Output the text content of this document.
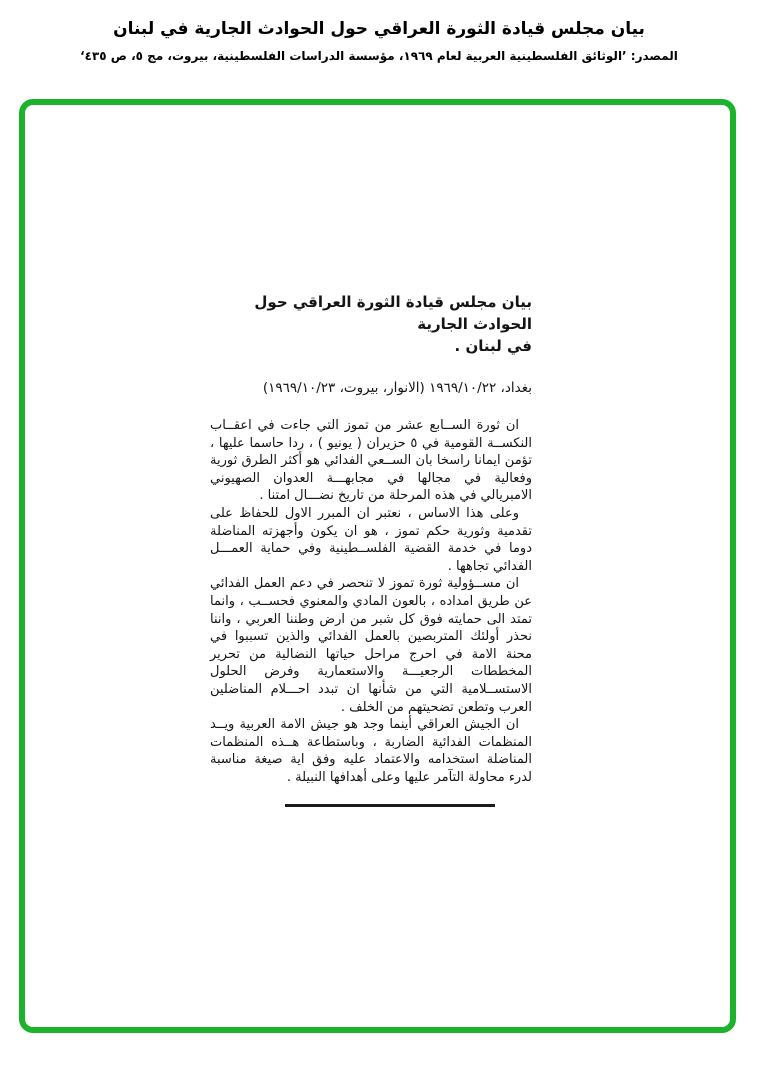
بيان مجلس قيادة الثورة العراقي حول الحوادث الجارية في لبنان
المصدر: ’الوثائق الفلسطينية العربية لعام ١٩٦٩، مؤسسة الدراسات الفلسطينية، بيروت، مج ٥، ص ٤٣٥‘
بيان مجلس قيادة الثورة العراقي حول الحوادث الجارية
في لبنان .
بغداد، ١٩٦٩/١٠/٢٢ (الانوار، بيروت، ١٩٦٩/١٠/٢٣)

ان ثورة الســابع عشر من تموز التي جاءت في اعقــاب النكســة القومية في ٥ حزيران ( يونيو ) ، ردا حاسما عليها ، تؤمن ايمانا راسخا بان الســعي الفدائي هو أكثر الطرق ثورية وفعالية في مجالها في مجابهـــة العدوان الصهيوني الامبريالي في هذه المرحلة من تاريخ نضـــال امتنا .

وعلى هذا الاساس ، نعتبر ان المبرر الاول للحفاظ على تقدمية وثورية حكم تموز ، هو ان يكون وأجهزته المناضلة دوما في خدمة القضية الفلســطينية وفي حماية العمـــل الفدائي تجاهها .

ان مســؤولية ثورة تموز لا تنحصر في دعم العمل الفدائي عن طريق امداده ، بالعون المادي والمعنوي فحســب ، وانما تمتد الى حمايته فوق كل شبر من ارض وطننا العربي ، واننا نحذر أولئك المتربصين بالعمل الفدائي والذين تسببوا في محنة الامة في احرج مراحل حياتها النضالية من تحرير المخططات الرجعيـــة والاستعمارية وفرض الحلول الاستســلامية التي من شأنها ان تبدد احـــلام المناضلين العرب وتطعن تضحيتهم من الخلف .

ان الجيش العراقي أينما وجد هو جيش الامة العربية ويــد المنظمات الفدائية الضاربة ، وباستطاعة هــذه المنظمات المناضلة استخدامه والاعتماد عليه وفق اية صيغة مناسبة لدرء محاولة التآمر عليها وعلى أهدافها النبيلة .
